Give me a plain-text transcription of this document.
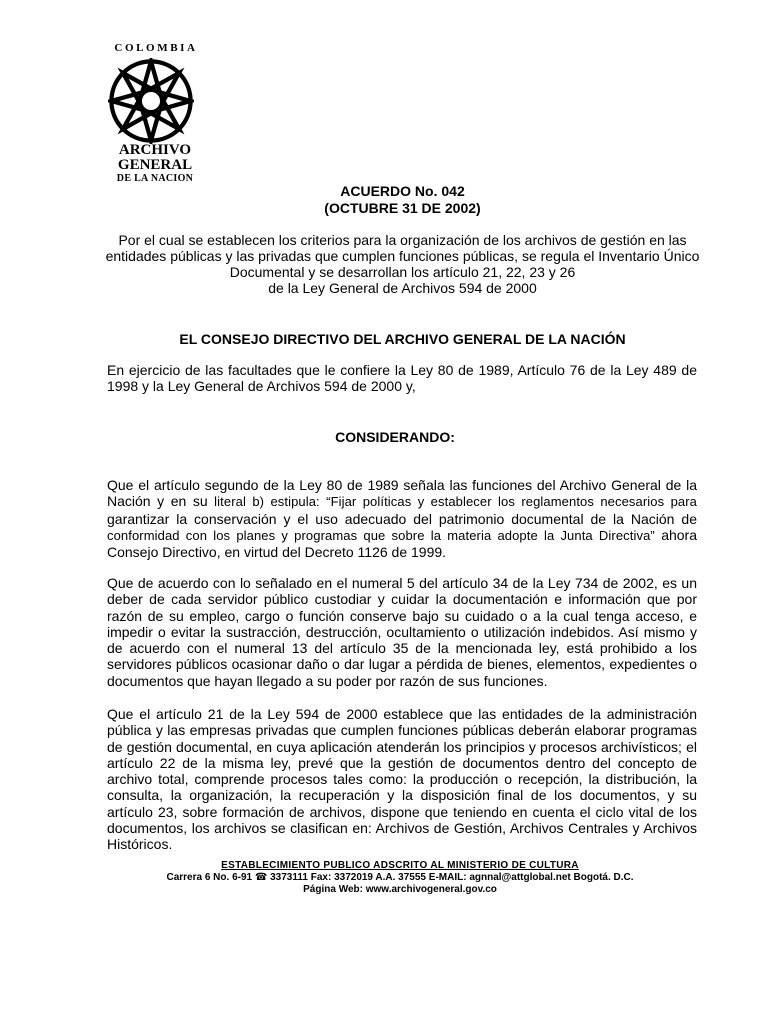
COLOMBIA
ARCHIVO
GENERAL
DE LA NACION
ACUERDO No. 042
(OCTUBRE 31 DE 2002)
Por el cual se establecen los criterios para la organización de los archivos de gestión en las
entidades públicas y las privadas que cumplen funciones públicas, se regula el Inventario Único
Documental y se desarrollan los artículo 21, 22, 23 y 26
de la Ley General de Archivos 594 de 2000
EL CONSEJO DIRECTIVO DEL ARCHIVO GENERAL DE LA NACIÓN
En ejercicio de las facultades que le confiere la Ley 80 de 1989, Artículo 76 de la Ley 489 de 1998 y la Ley General de Archivos 594 de 2000 y,
CONSIDERANDO:
Que el artículo segundo de la Ley 80 de 1989 señala las funciones del Archivo General de la Nación y en su literal b) estipula: “Fijar políticas y establecer los reglamentos necesarios para garantizar la conservación y el uso adecuado del patrimonio documental de la Nación de conformidad con los planes y programas que sobre la materia adopte la Junta Directiva” ahora Consejo Directivo, en virtud del Decreto 1126 de 1999.
Que de acuerdo con lo señalado en el numeral 5 del artículo 34 de la Ley 734 de 2002, es un deber de cada servidor público custodiar y cuidar la documentación e información que por razón de su empleo, cargo o función conserve bajo su cuidado o a la cual tenga acceso, e impedir o evitar la sustracción, destrucción, ocultamiento o utilización indebidos. Así mismo y de acuerdo con el numeral 13 del artículo 35 de la mencionada ley, está prohibido a los servidores públicos ocasionar daño o dar lugar a pérdida de bienes, elementos, expedientes o documentos que hayan llegado a su poder por razón de sus funciones.
Que el artículo 21 de la Ley 594 de 2000 establece que las entidades de la administración pública y las empresas privadas que cumplen funciones públicas deberán elaborar programas de gestión documental, en cuya aplicación atenderán los principios y procesos archivísticos; el artículo 22 de la misma ley, prevé que la gestión de documentos dentro del concepto de archivo total, comprende procesos tales como: la producción o recepción, la distribución, la consulta, la organización, la recuperación y la disposición final de los documentos, y su artículo 23, sobre formación de archivos, dispone que teniendo en cuenta el ciclo vital de los documentos, los archivos se clasifican en: Archivos de Gestión, Archivos Centrales y Archivos Históricos.
ESTABLECIMIENTO PUBLICO ADSCRITO AL MINISTERIO DE CULTURA
Carrera 6 No. 6-91 ☎ 3373111 Fax: 3372019 A.A. 37555 E-MAIL: agnnal@attglobal.net Bogotá. D.C.
Página Web: www.archivogeneral.gov.co
